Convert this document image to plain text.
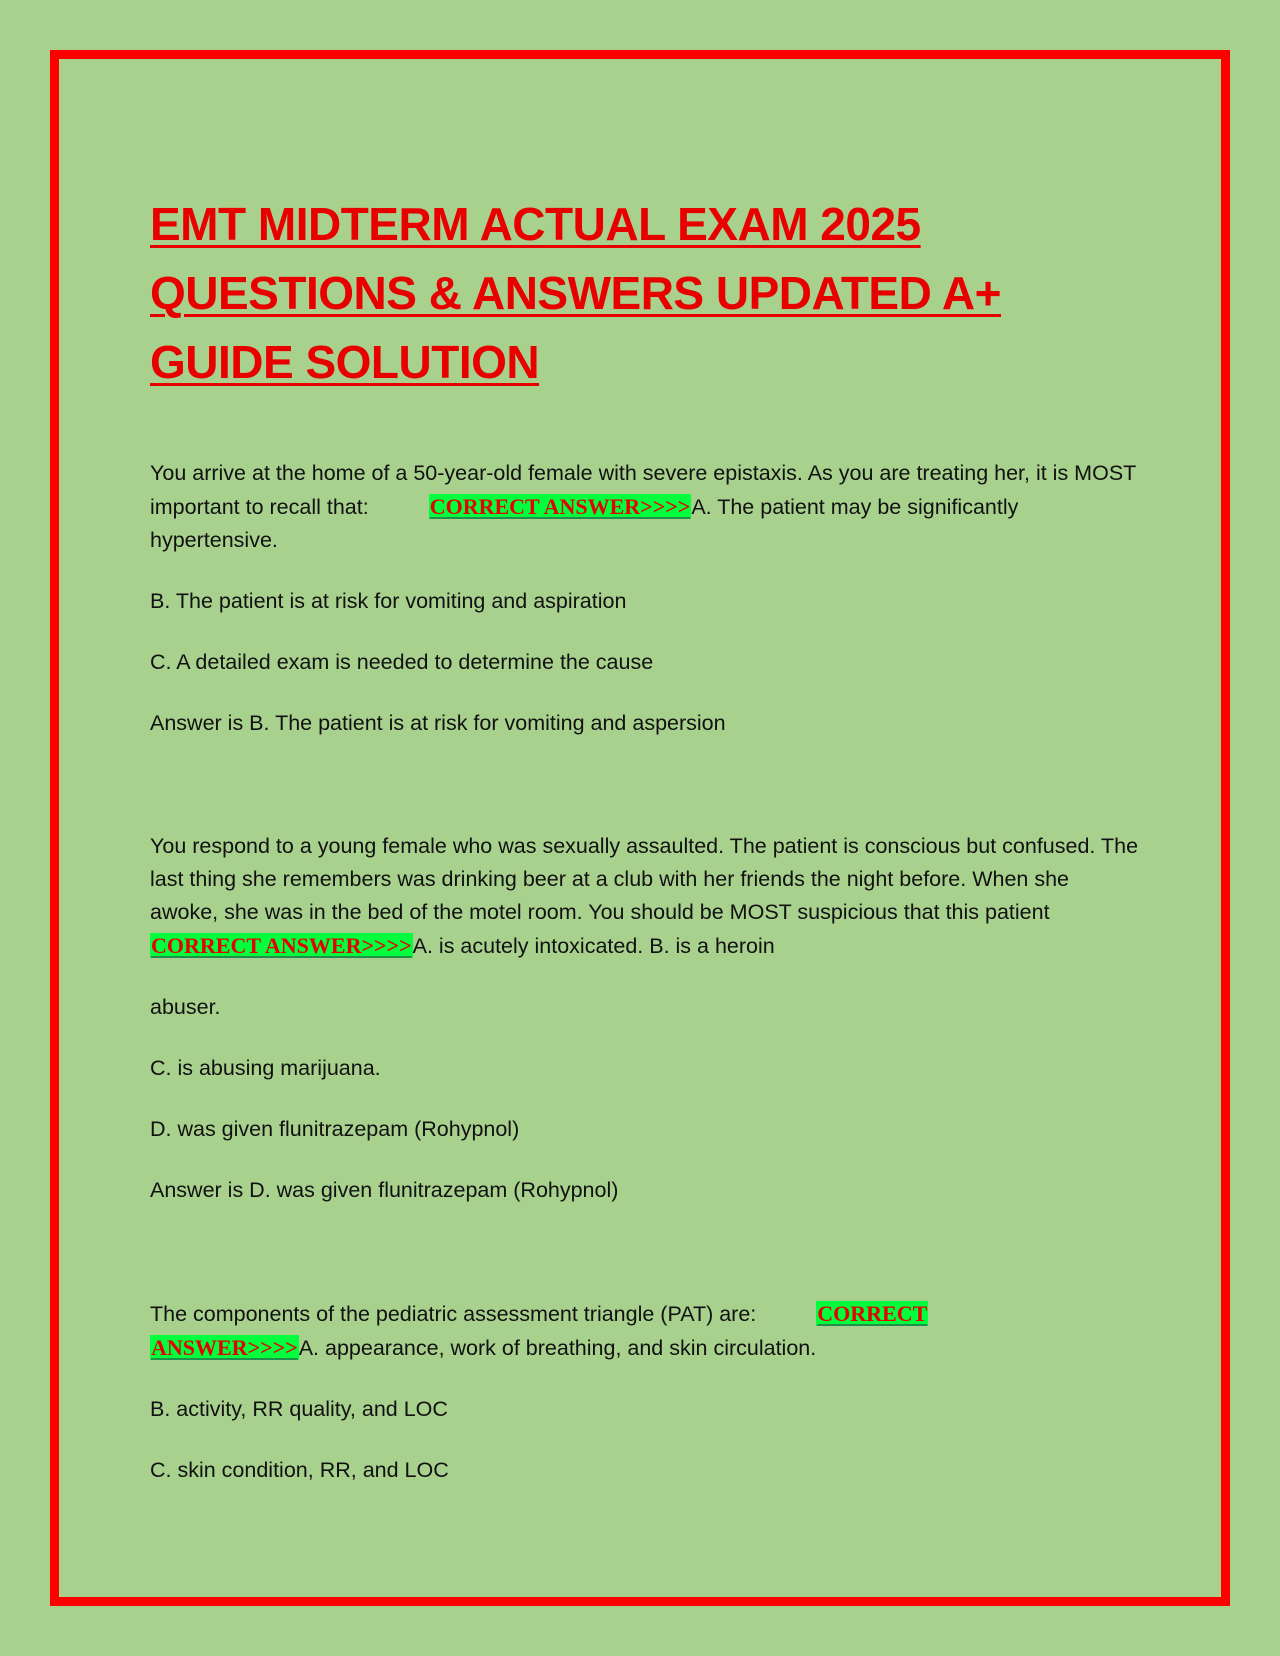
EMT MIDTERM ACTUAL EXAM 2025
QUESTIONS & ANSWERS UPDATED A+
GUIDE SOLUTION

You arrive at the home of a 50-year-old female with severe epistaxis. As you are treating her, it is MOST important to recall that:	CORRECT ANSWER>>>>A. The patient may be significantly hypertensive.

B. The patient is at risk for vomiting and aspiration

C. A detailed exam is needed to determine the cause

Answer is B. The patient is at risk for vomiting and aspersion

You respond to a young female who was sexually assaulted. The patient is conscious but confused. The last thing she remembers was drinking beer at a club with her friends the night before. When she awoke, she was in the bed of the motel room. You should be MOST suspicious that this patientCORRECT ANSWER>>>>A. is acutely intoxicated. B. is a heroin

abuser.

C. is abusing marijuana.

D. was given flunitrazepam (Rohypnol)

Answer is D. was given flunitrazepam (Rohypnol)

The components of the pediatric assessment triangle (PAT) are:	CORRECT
ANSWER>>>>A. appearance, work of breathing, and skin circulation.

B. activity, RR quality, and LOC

C. skin condition, RR, and LOC
